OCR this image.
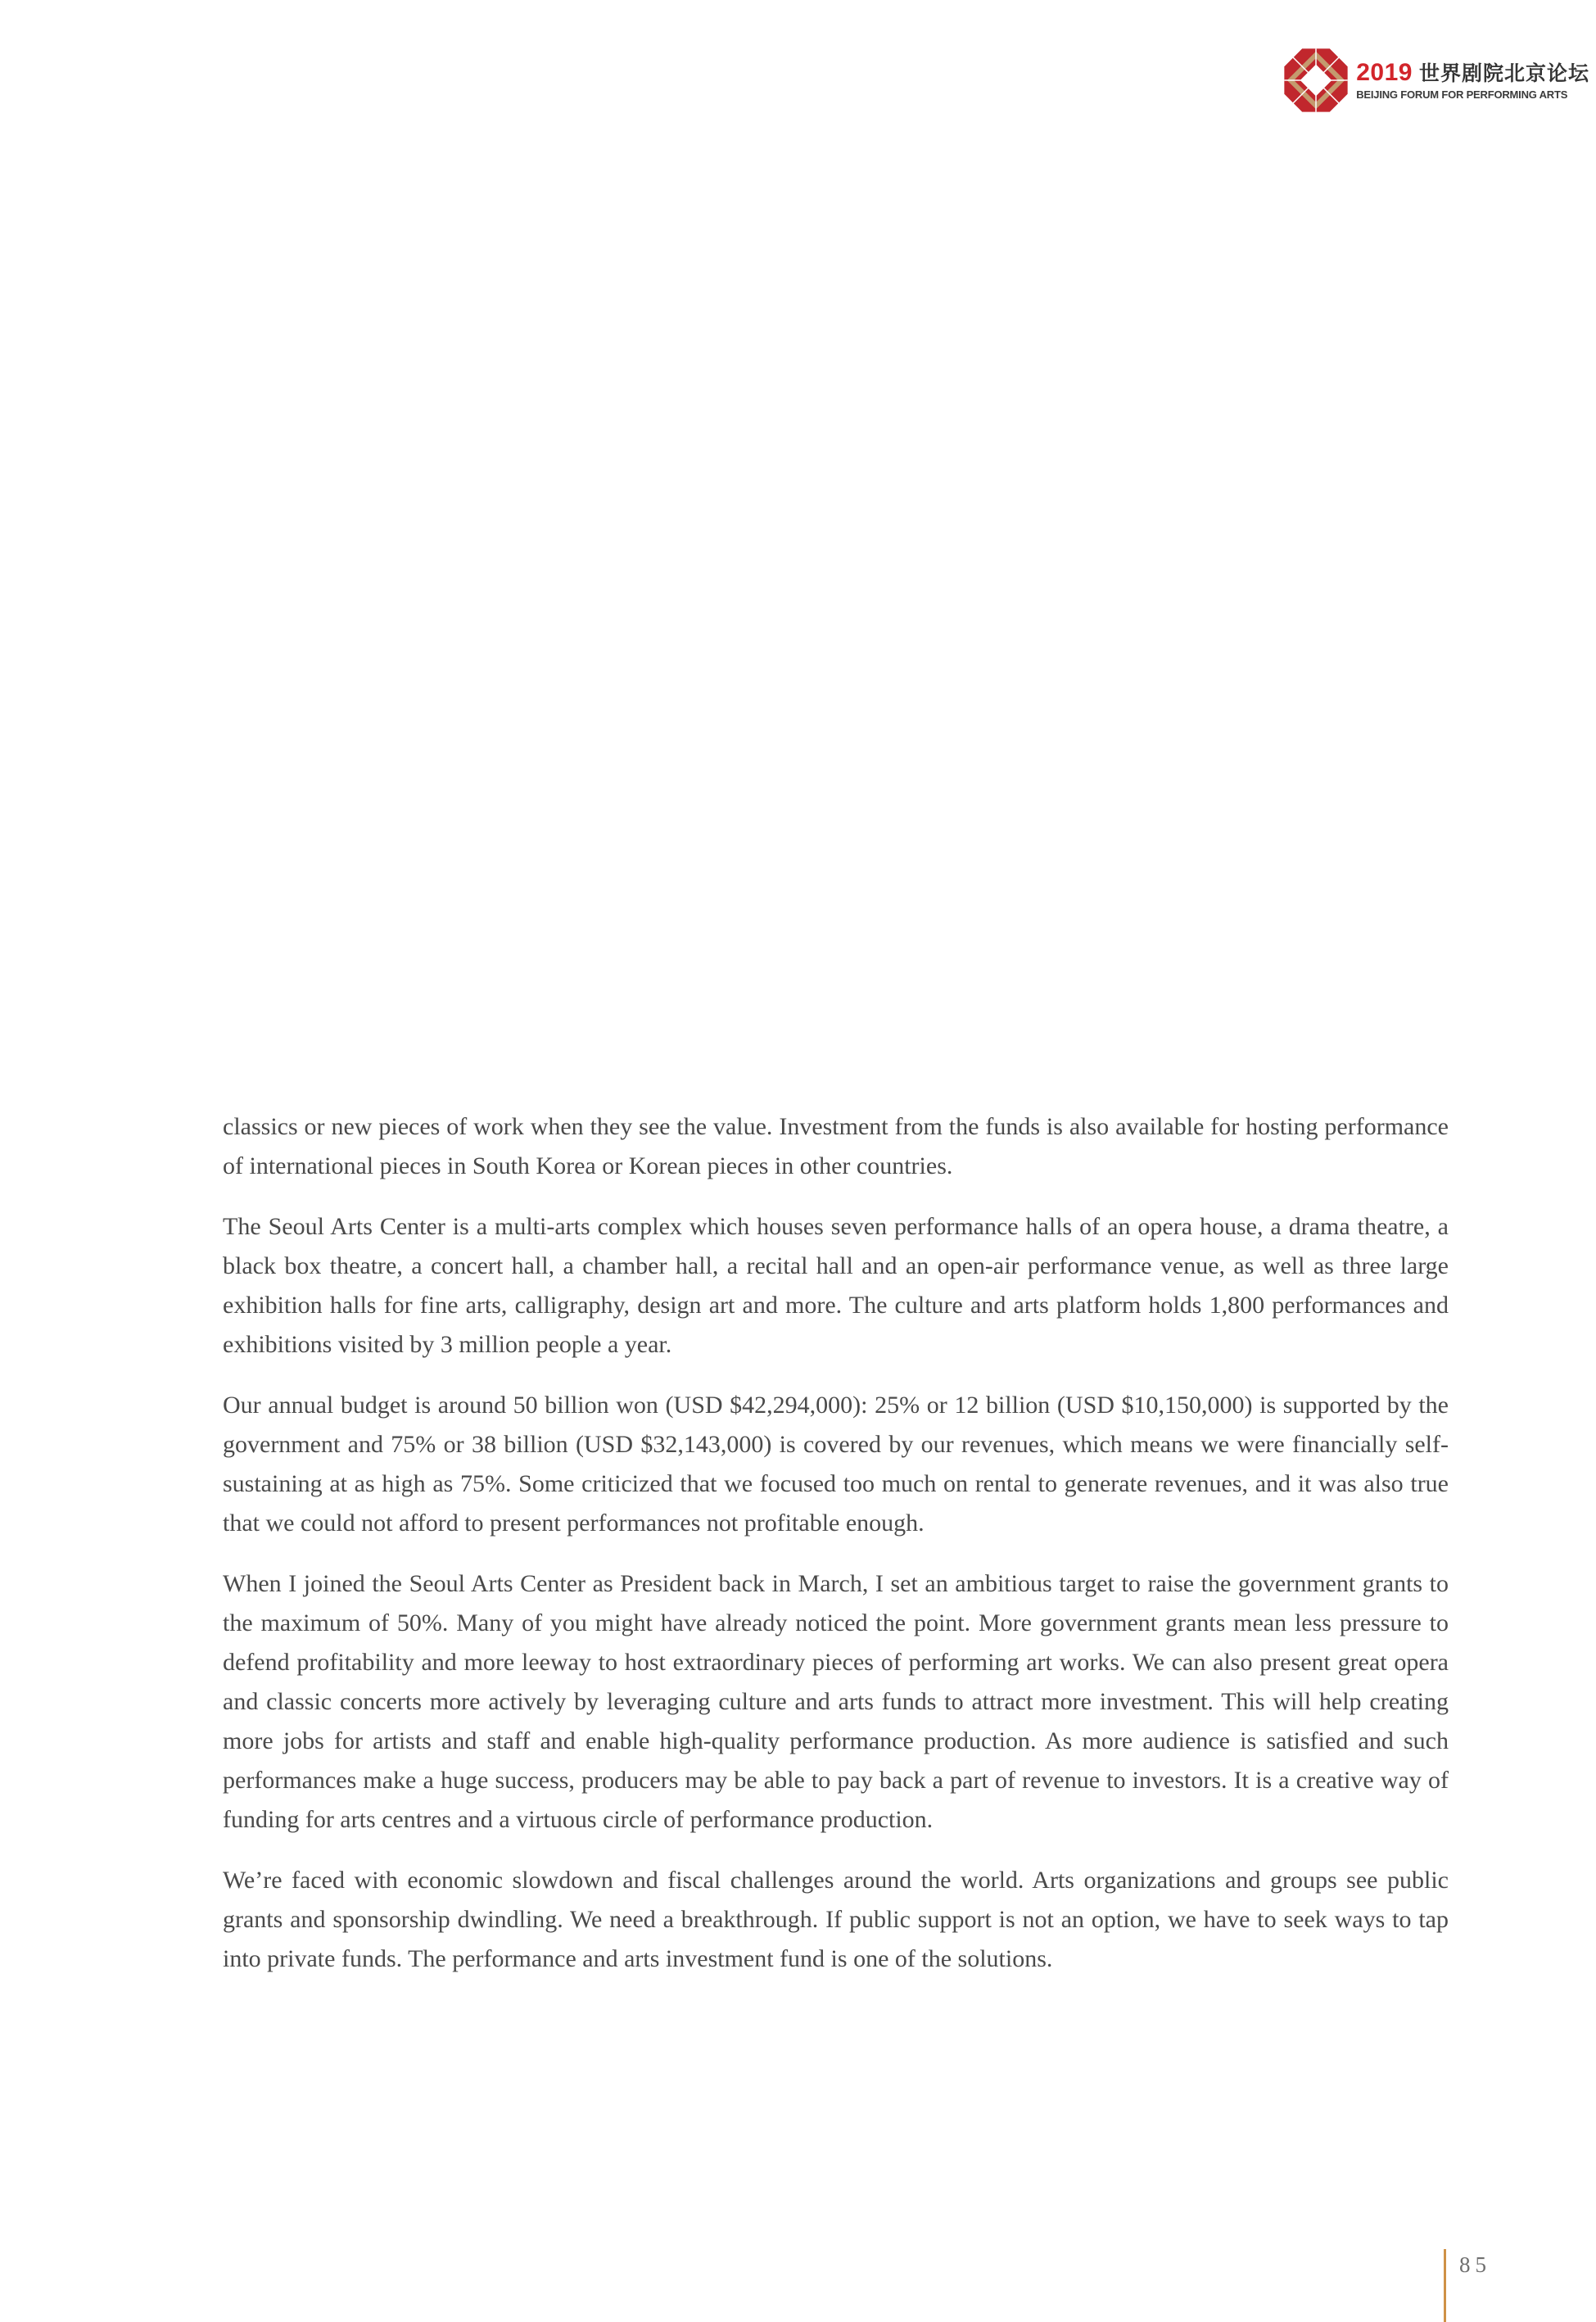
2019 世界剧院北京论坛
BEIJING FORUM FOR PERFORMING ARTS

classics or new pieces of work when they see the value. Investment from the funds is also available for hosting performance of international pieces in South Korea or Korean pieces in other countries.

The Seoul Arts Center is a multi-arts complex which houses seven performance halls of an opera house, a drama theatre, a black box theatre, a concert hall, a chamber hall, a recital hall and an open-air performance venue, as well as three large exhibition halls for fine arts, calligraphy, design art and more. The culture and arts platform holds 1,800 performances and exhibitions visited by 3 million people a year.

Our annual budget is around 50 billion won (USD $42,294,000): 25% or 12 billion (USD $10,150,000) is supported by the government and 75% or 38 billion (USD $32,143,000) is covered by our revenues, which means we were financially self-sustaining at as high as 75%. Some criticized that we focused too much on rental to generate revenues, and it was also true that we could not afford to present performances not profitable enough.

When I joined the Seoul Arts Center as President back in March, I set an ambitious target to raise the government grants to the maximum of 50%. Many of you might have already noticed the point. More government grants mean less pressure to defend profitability and more leeway to host extraordinary pieces of performing art works. We can also present great opera and classic concerts more actively by leveraging culture and arts funds to attract more investment. This will help creating more jobs for artists and staff and enable high-quality performance production. As more audience is satisfied and such performances make a huge success, producers may be able to pay back a part of revenue to investors. It is a creative way of funding for arts centres and a virtuous circle of performance production.

We’re faced with economic slowdown and fiscal challenges around the world. Arts organizations and groups see public grants and sponsorship dwindling. We need a breakthrough. If public support is not an option, we have to seek ways to tap into private funds. The performance and arts investment fund is one of the solutions.

85
